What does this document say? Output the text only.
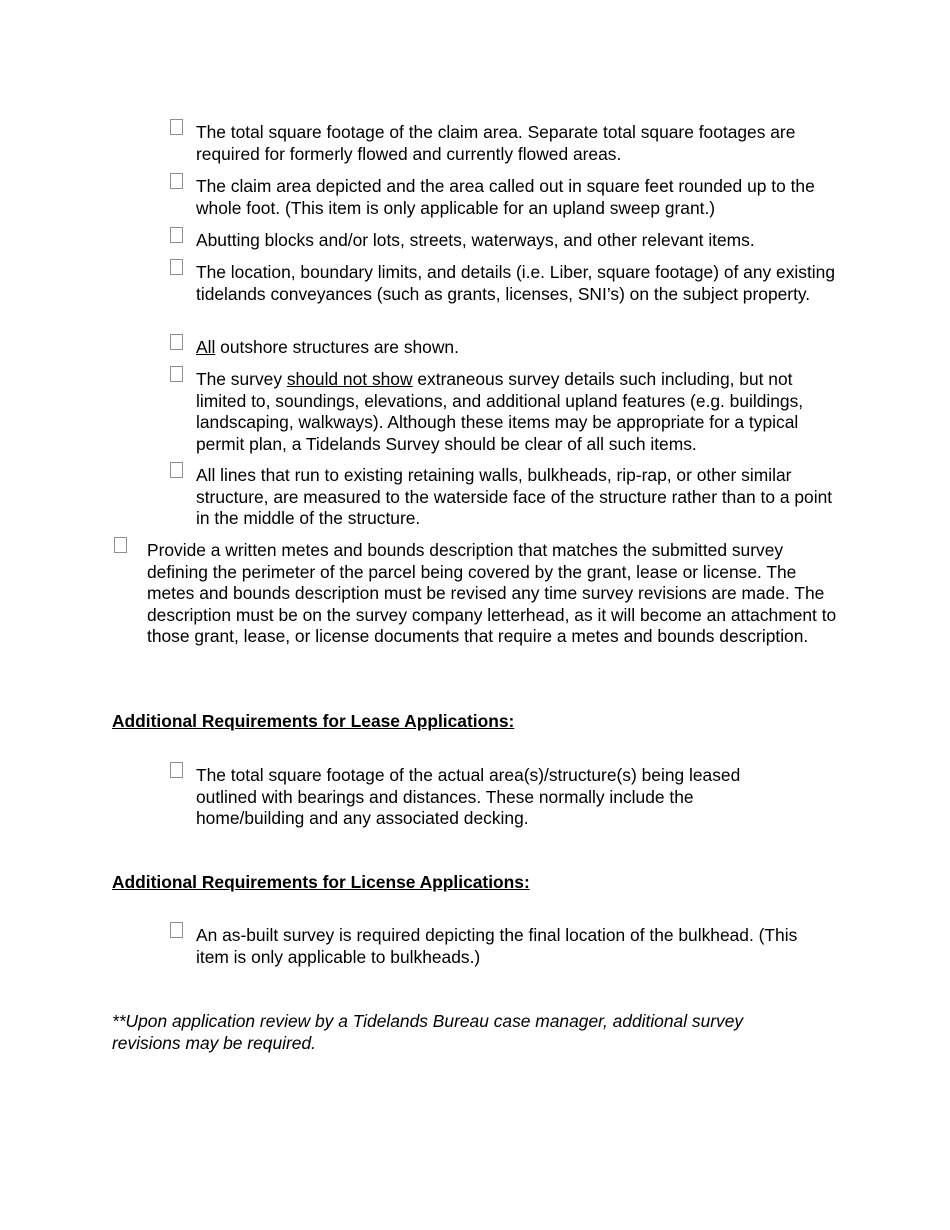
The total square footage of the claim area. Separate total square footages are required for formerly flowed and currently flowed areas.
The claim area depicted and the area called out in square feet rounded up to the whole foot. (This item is only applicable for an upland sweep grant.)
Abutting blocks and/or lots, streets, waterways, and other relevant items.
The location, boundary limits, and details (i.e. Liber, square footage) of any existing tidelands conveyances (such as grants, licenses, SNI’s) on the subject property.
All outshore structures are shown.
The survey should not show extraneous survey details such including, but not limited to, soundings, elevations, and additional upland features (e.g. buildings, landscaping, walkways). Although these items may be appropriate for a typical permit plan, a Tidelands Survey should be clear of all such items.
All lines that run to existing retaining walls, bulkheads, rip-rap, or other similar structure, are measured to the waterside face of the structure rather than to a point in the middle of the structure.
Provide a written metes and bounds description that matches the submitted survey defining the perimeter of the parcel being covered by the grant, lease or license. The metes and bounds description must be revised any time survey revisions are made. The description must be on the survey company letterhead, as it will become an attachment to those grant, lease, or license documents that require a metes and bounds description.
Additional Requirements for Lease Applications:
The total square footage of the actual area(s)/structure(s) being leased outlined with bearings and distances. These normally include the home/building and any associated decking.
Additional Requirements for License Applications:
An as-built survey is required depicting the final location of the bulkhead. (This item is only applicable to bulkheads.)
**Upon application review by a Tidelands Bureau case manager, additional survey revisions may be required.
